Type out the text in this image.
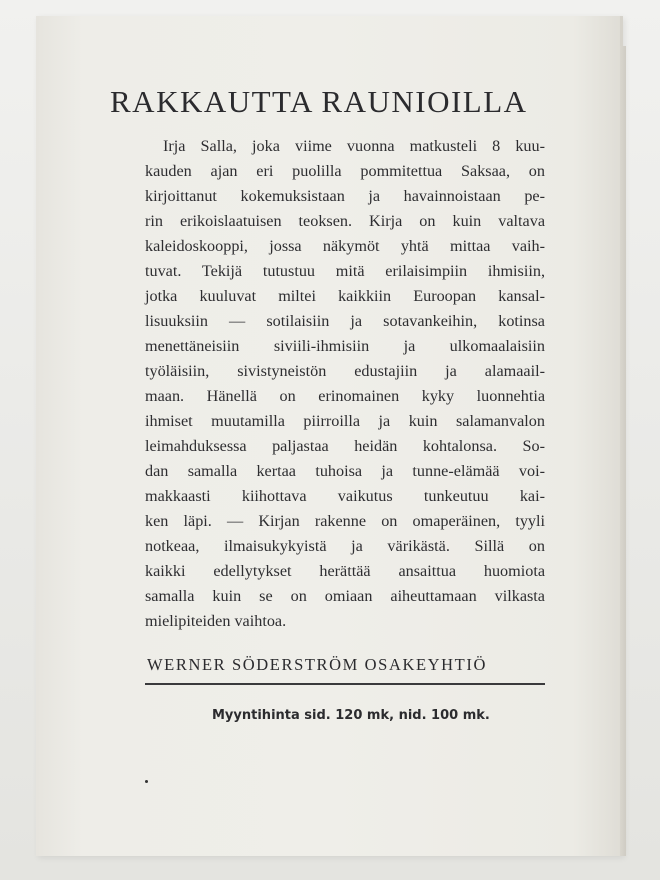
RAKKAUTTA RAUNIOILLA
Irja Salla, joka viime vuonna matkusteli 8 kuu-
kauden ajan eri puolilla pommitettua Saksaa, on
kirjoittanut kokemuksistaan ja havainnoistaan pe-
rin erikoislaatuisen teoksen. Kirja on kuin valtava
kaleidoskooppi, jossa näkymöt yhtä mittaa vaih-
tuvat. Tekijä tutustuu mitä erilaisimpiin ihmisiin,
jotka kuuluvat miltei kaikkiin Euroopan kansal-
lisuuksiin — sotilaisiin ja sotavankeihin, kotinsa
menettäneisiin siviili-ihmisiin ja ulkomaalaisiin
työläisiin, sivistyneistön edustajiin ja alamaail-
maan. Hänellä on erinomainen kyky luonnehtia
ihmiset muutamilla piirroilla ja kuin salamanvalon
leimahduksessa paljastaa heidän kohtalonsa. So-
dan samalla kertaa tuhoisa ja tunne-elämää voi-
makkaasti kiihottava vaikutus tunkeutuu kai-
ken läpi. — Kirjan rakenne on omaperäinen, tyyli
notkeaa, ilmaisukykyistä ja värikästä. Sillä on
kaikki edellytykset herättää ansaittua huomiota
samalla kuin se on omiaan aiheuttamaan vilkasta
mielipiteiden vaihtoa.

WERNER SÖDERSTRÖM OSAKEYHTIÖ

Myyntihinta sid. 120 mk, nid. 100 mk.
